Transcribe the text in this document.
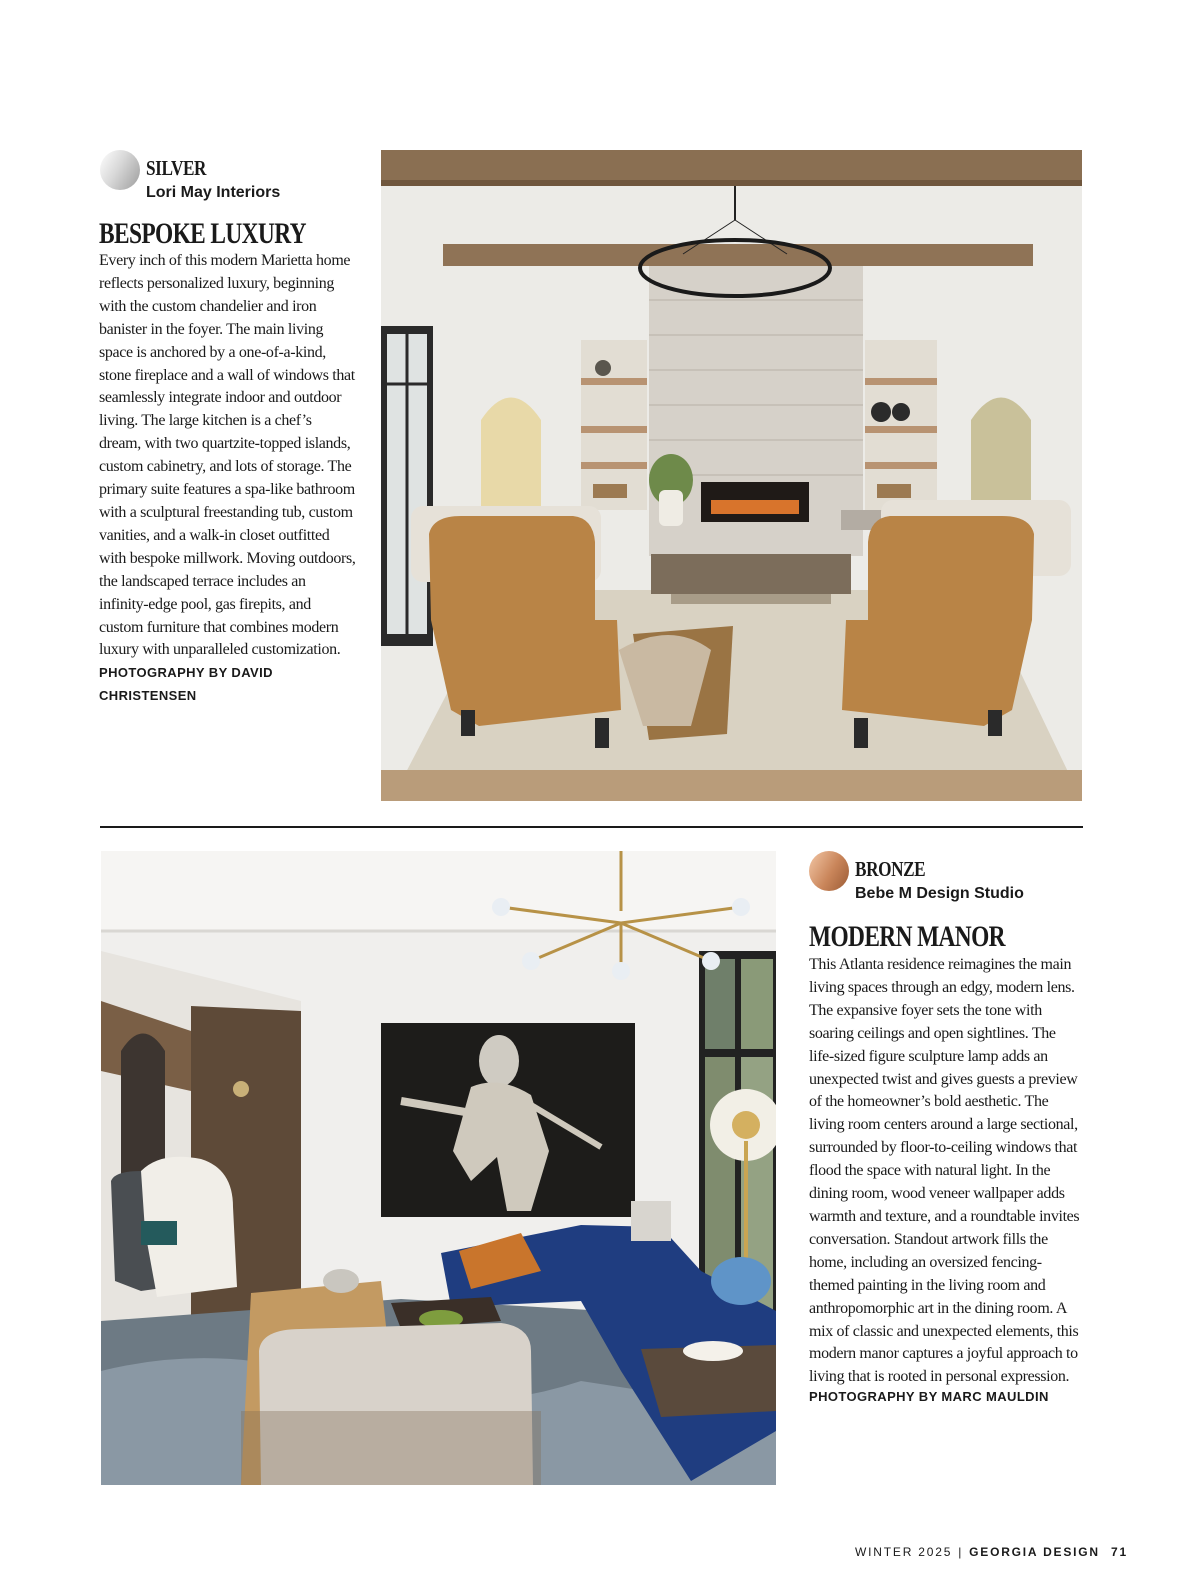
SILVER
Lori May Interiors
BESPOKE LUXURY
Every inch of this modern Marietta home reflects personalized luxury, beginning with the custom chandelier and iron banister in the foyer. The main living space is anchored by a one-of-a-kind, stone fireplace and a wall of windows that seamlessly integrate indoor and outdoor living. The large kitchen is a chef’s dream, with two quartzite-topped islands, custom cabinetry, and lots of storage. The primary suite features a spa-like bathroom with a sculptural freestanding tub, custom vanities, and a walk-in closet outfitted with bespoke millwork. Moving outdoors, the landscaped terrace includes an infinity-edge pool, gas firepits, and custom furniture that combines modern luxury with unparalleled customization. PHOTOGRAPHY BY DAVID CHRISTENSEN
BRONZE
Bebe M Design Studio
MODERN MANOR
This Atlanta residence reimagines the main living spaces through an edgy, modern lens. The expansive foyer sets the tone with soaring ceilings and open sightlines. The life-sized figure sculpture lamp adds an unexpected twist and gives guests a preview of the homeowner’s bold aesthetic. The living room centers around a large sectional, surrounded by floor-to-ceiling windows that flood the space with natural light. In the dining room, wood veneer wallpaper adds warmth and texture, and a roundtable invites conversation. Standout artwork fills the home, including an oversized fencing-themed painting in the living room and anthropomorphic art in the dining room. A mix of classic and unexpected elements, this modern manor captures a joyful approach to living that is rooted in personal expression.
PHOTOGRAPHY BY MARC MAULDIN
WINTER 2025 | GEORGIA DESIGN 71
